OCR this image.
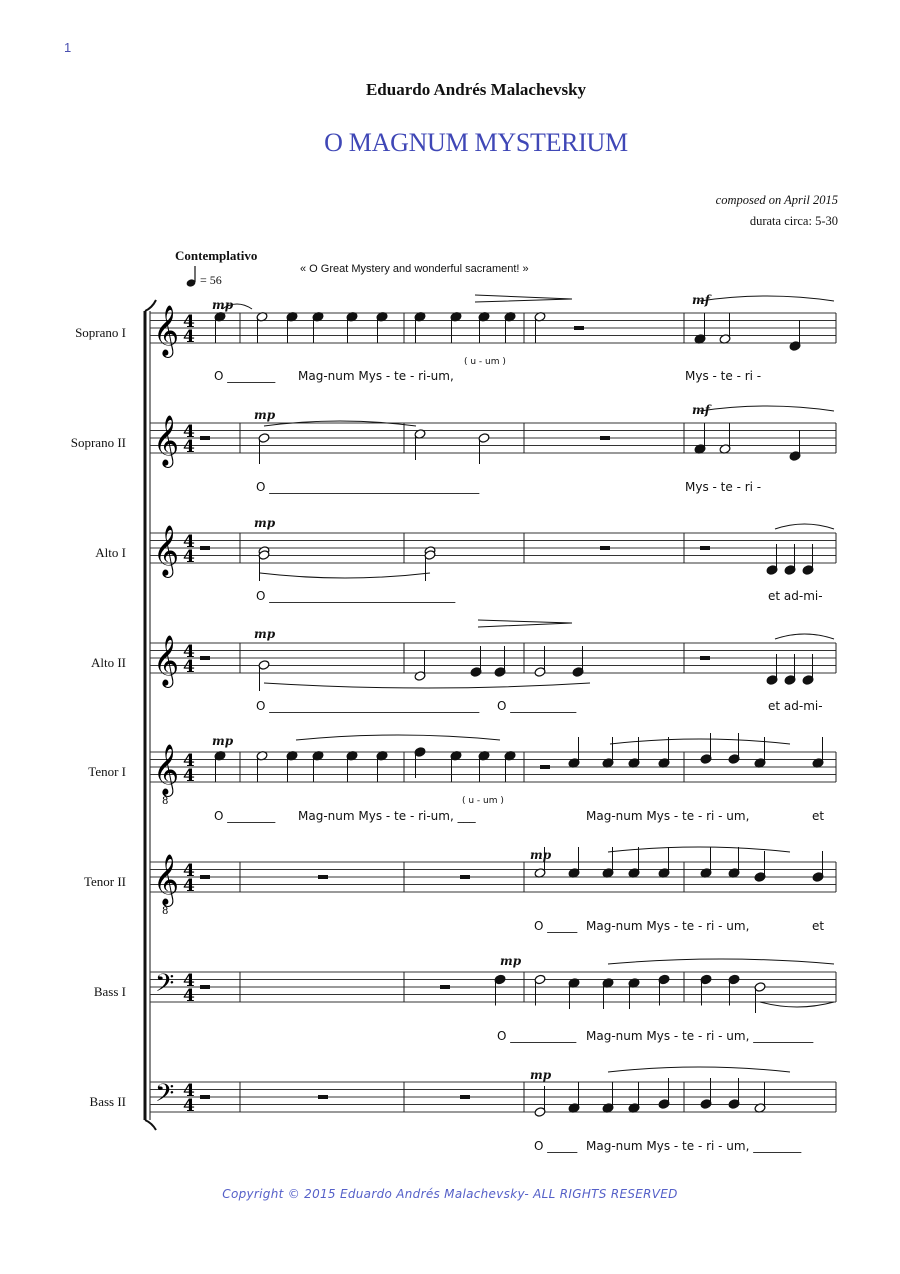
1
Eduardo Andrés Malachevsky
O MAGNUM MYSTERIUM
composed on April 2015
durata circa: 5-30
Contemplativo
= 56
« O Great Mystery and wonderful sacrament! »
Soprano I
Soprano II
Alto I
Alto II
Tenor I
Tenor II
Bass I
Bass II
mp	mf
mp	mf
mp
mp
mp
mp
mp
mp
O ________ Mag-num Mys - te - ri-um,
( u - um )
Mys - te - ri -
O ___________________________________	Mys - te - ri -
O _______________________________	et ad-mi-
O ___________________________________ O ___________	et ad-mi-
O ________ Mag-num Mys - te - ri-um, ___
( u - um )
Mag-num Mys - te - ri - um,	et
O _____ Mag-num Mys - te - ri - um,	et
O ___________ Mag-num Mys - te - ri - um, __________
O _____ Mag-num Mys - te - ri - um, ________
Copyright © 2015 Eduardo Andrés Malachevsky- ALL RIGHTS RESERVED
𝄞 4
4
𝄞 4
4
𝄞 4
4
𝄞 4
4
𝄞
8
4
4
𝄞
8
4
4
𝄢 4
4
𝄢 4
4
